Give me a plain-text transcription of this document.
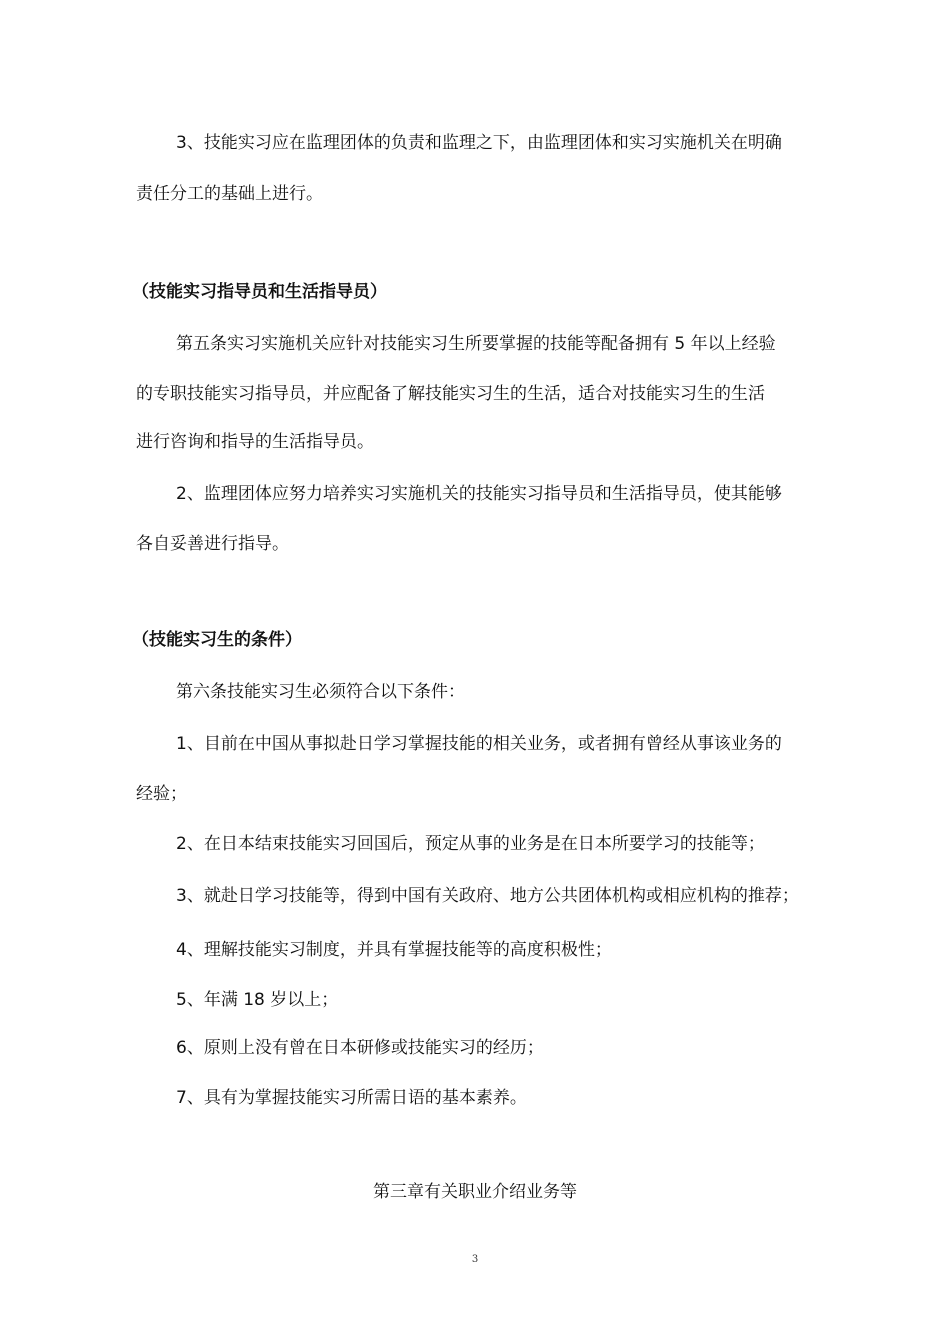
3、技能实习应在监理团体的负责和监理之下，由监理团体和实习实施机关在明确
责任分工的基础上进行。
（技能实习指导员和生活指导员）
第五条实习实施机关应针对技能实习生所要掌握的技能等配备拥有 5 年以上经验
的专职技能实习指导员，并应配备了解技能实习生的生活，适合对技能实习生的生活
进行咨询和指导的生活指导员。
2、监理团体应努力培养实习实施机关的技能实习指导员和生活指导员，使其能够
各自妥善进行指导。
（技能实习生的条件）
第六条技能实习生必须符合以下条件：
1、目前在中国从事拟赴日学习掌握技能的相关业务，或者拥有曾经从事该业务的
经验；
2、在日本结束技能实习回国后，预定从事的业务是在日本所要学习的技能等；
3、就赴日学习技能等，得到中国有关政府、地方公共团体机构或相应机构的推荐；
4、理解技能实习制度，并具有掌握技能等的高度积极性；
5、年满 18 岁以上；
6、原则上没有曾在日本研修或技能实习的经历；
7、具有为掌握技能实习所需日语的基本素养。
第三章有关职业介绍业务等
3
